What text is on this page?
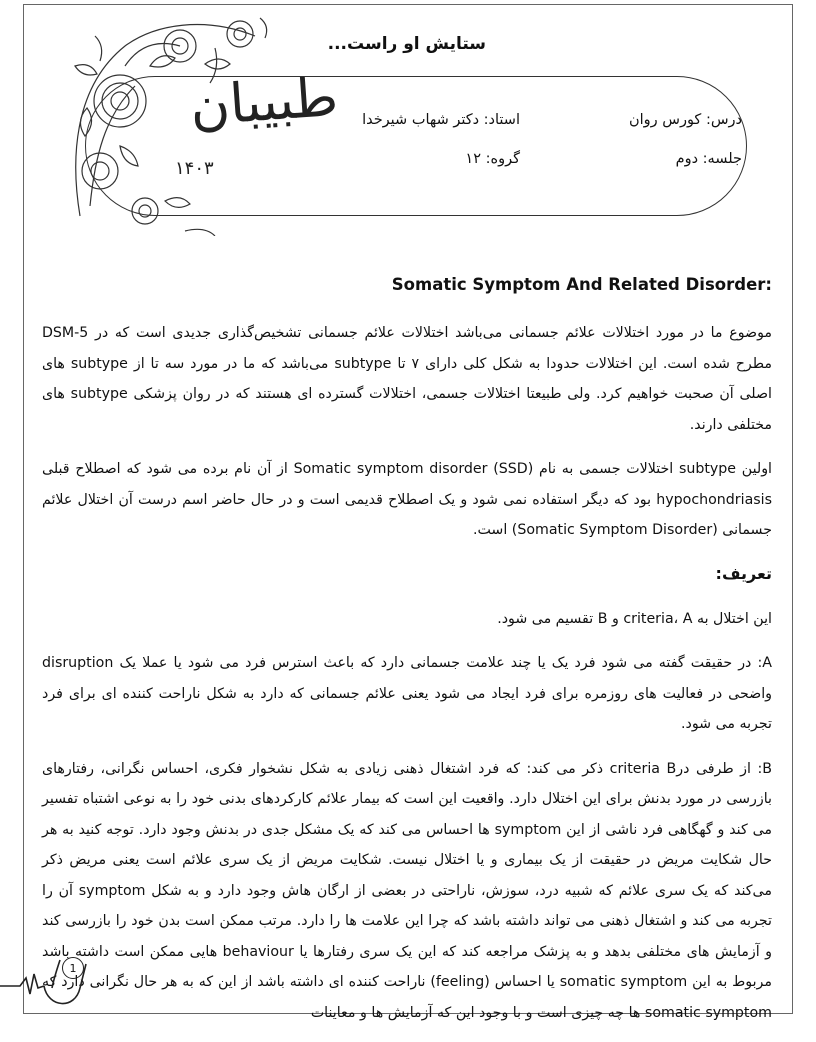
طبیبان
۱۴۰۳
ستایش او راست...
درس: کورس روان
استاد: دکتر شهاب شیرخدا
جلسه: دوم
گروه: ۱۲
Somatic Symptom And Related Disorder:

موضوع ما در مورد اختلالات علائم جسمانی می‌باشد اختلالات علائم جسمانی تشخیص‌گذاری جدیدی است که در DSM-5 مطرح شده است. این اختلالات حدودا به شکل کلی دارای ۷ تا subtype می‌باشد که ما در مورد سه تا از subtype های اصلی آن صحبت خواهیم کرد. ولی طبیعتا اختلالات جسمی، اختلالات گسترده ای هستند که در روان پزشکی subtype های مختلفی دارند.

اولین subtype اختلالات جسمی به نام (Somatic symptom disorder (SSD از آن نام برده می شود که اصطلاح قبلی hypochondriasis بود که دیگر استفاده نمی شود و یک اصطلاح قدیمی است و در حال حاضر اسم درست آن اختلال علائم جسمانی (Somatic Symptom Disorder) است.

تعریف:

این اختلال به criteria، A و B تقسیم می شود.

A: در حقیقت گفته می شود فرد یک یا چند علامت جسمانی دارد که باعث استرس فرد می شود یا عملا یک disruption واضحی در فعالیت های روزمره برای فرد ایجاد می شود یعنی علائم جسمانی که دارد به شکل ناراحت کننده ای برای فرد تجربه می شود.

B: از طرفی درcriteria B ذکر می کند: که فرد اشتغال ذهنی زیادی به شکل نشخوار فکری، احساس نگرانی، رفتارهای بازرسی در مورد بدنش برای این اختلال دارد. واقعیت این است که بیمار علائم کارکردهای بدنی خود را به نوعی اشتباه تفسیر می کند و گهگاهی فرد ناشی از این symptom ها احساس می کند که یک مشکل جدی در بدنش وجود دارد. توجه کنید به هر حال شکایت مریض در حقیقت از یک بیماری و یا اختلال نیست. شکایت مریض از یک سری علائم است یعنی مریض ذکر می‌کند که یک سری علائم که شبیه درد، سوزش، ناراحتی در بعضی از ارگان هاش وجود دارد و به شکل symptom آن را تجربه می کند و اشتغال ذهنی می تواند داشته باشد که چرا این علامت ها را دارد. مرتب ممکن است بدن خود را بازرسی کند و آزمایش های مختلفی بدهد و به پزشک مراجعه کند که این یک سری رفتارها یا behaviour هایی ممکن است داشته باشد مربوط به این somatic symptom یا احساس (feeling) ناراحت کننده ای داشته باشد از این که به هر حال نگرانی دارد که somatic symptom ها چه چیزی است و با وجود این که آزمایش ها و معاینات

1
